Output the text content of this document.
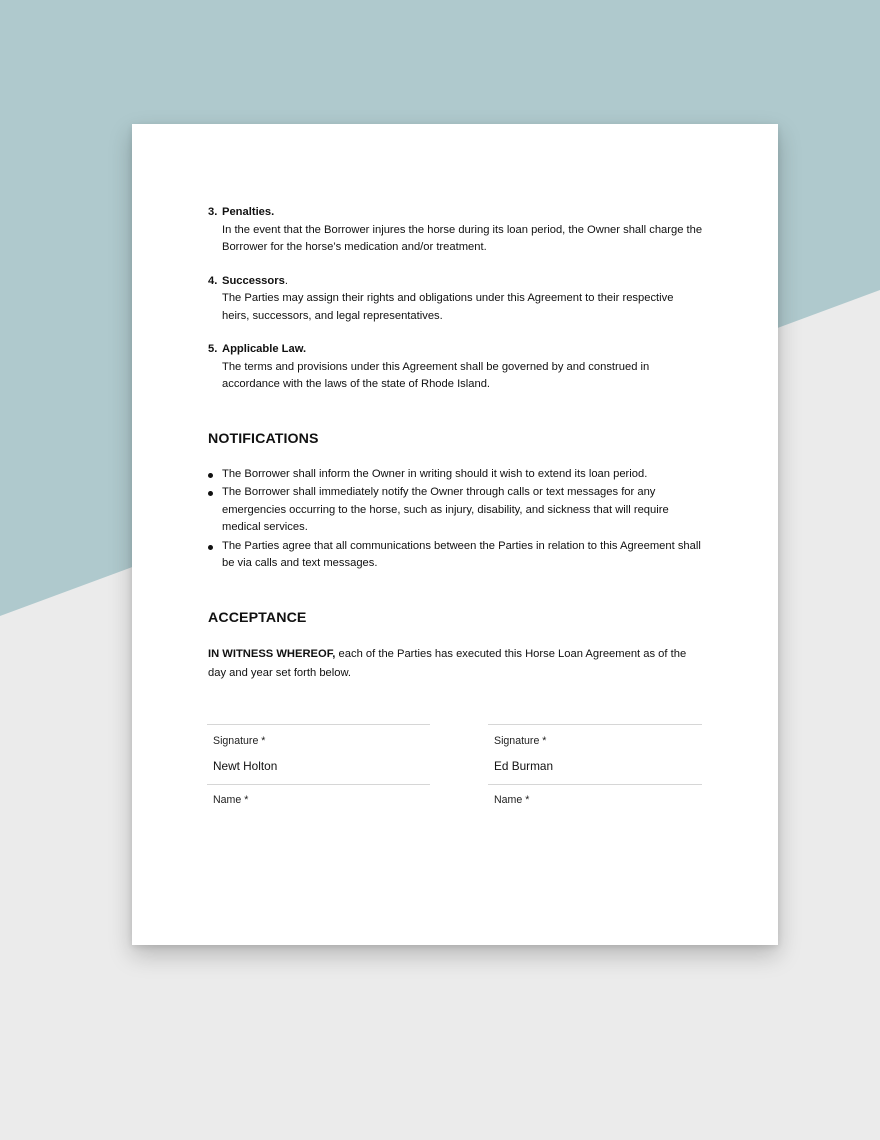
3. Penalties.
In the event that the Borrower injures the horse during its loan period, the Owner shall charge the Borrower for the horse’s medication and/or treatment.
4. Successors.
The Parties may assign their rights and obligations under this Agreement to their respective heirs, successors, and legal representatives.
5. Applicable Law.
The terms and provisions under this Agreement shall be governed by and construed in accordance with the laws of the state of Rhode Island.
NOTIFICATIONS
The Borrower shall inform the Owner in writing should it wish to extend its loan period.
The Borrower shall immediately notify the Owner through calls or text messages for any emergencies occurring to the horse, such as injury, disability, and sickness that will require medical services.
The Parties agree that all communications between the Parties in relation to this Agreement shall be via calls and text messages.
ACCEPTANCE
IN WITNESS WHEREOF, each of the Parties has executed this Horse Loan Agreement as of the day and year set forth below.
Signature *
Newt Holton
Name *
Signature *
Ed Burman
Name *
